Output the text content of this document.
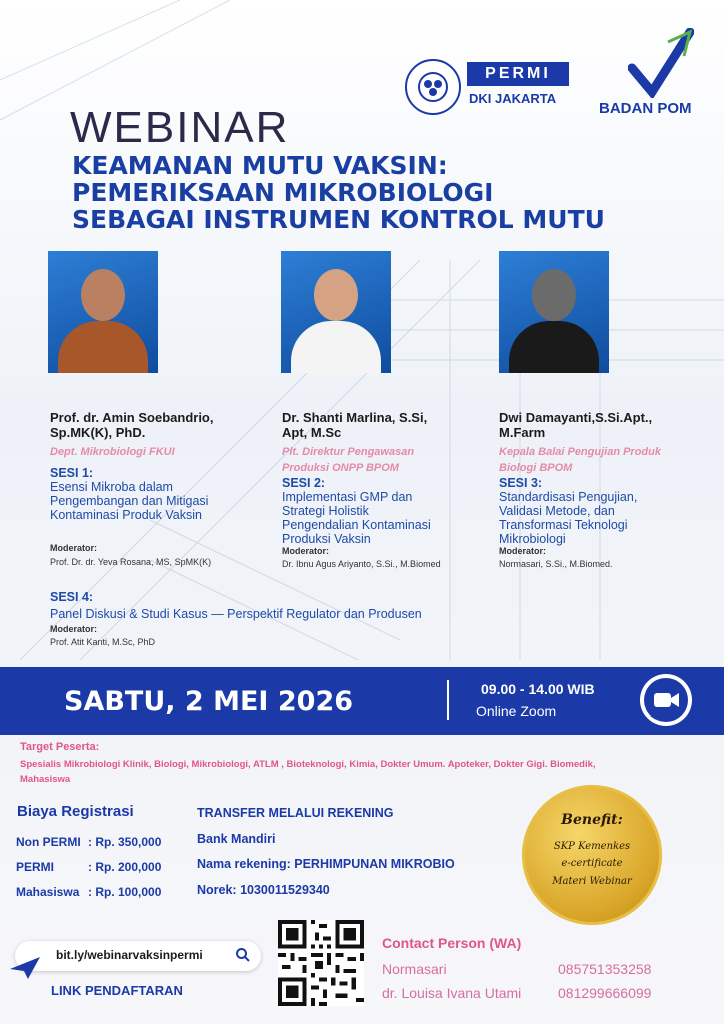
PERMI
DKI JAKARTA
BADAN POM
WEBINAR
KEAMANAN MUTU VAKSIN:
PEMERIKSAAN MIKROBIOLOGI
SEBAGAI INSTRUMEN KONTROL MUTU
Prof. dr. Amin Soebandrio,
Sp.MK(K), PhD.
Dept. Mikrobiologi FKUI
SESI 1:
Esensi Mikroba dalam
Pengembangan dan Mitigasi
Kontaminasi Produk Vaksin
Moderator:
Prof. Dr. dr. Yeva Rosana, MS, SpMK(K)
Dr. Shanti Marlina, S.Si,
Apt, M.Sc
Plt. Direktur Pengawasan
Produksi ONPP BPOM
SESI 2:
Implementasi GMP dan
Strategi Holistik
Pengendalian Kontaminasi
Produksi Vaksin
Moderator:
Dr. Ibnu Agus Ariyanto, S.Si., M.Biomed
Dwi Damayanti,S.Si.Apt.,
M.Farm
Kepala Balai Pengujian Produk
Biologi BPOM
SESI 3:
Standardisasi Pengujian,
Validasi Metode, dan
Transformasi Teknologi
Mikrobiologi
Moderator:
Normasari, S.Si., M.Biomed.
SESI 4:
Panel Diskusi & Studi Kasus — Perspektif Regulator dan Produsen
Moderator:
Prof. Atit Kanti, M.Sc, PhD
SABTU, 2 MEI 2026	09.00 - 14.00 WIB
Online Zoom
Target Peserta:
Spesialis Mikrobiologi Klinik, Biologi, Mikrobiologi, ATLM , Bioteknologi, Kimia, Dokter Umum. Apoteker, Dokter Gigi. Biomedik,
Mahasiswa
Biaya Registrasi
Non PERMI : Rp. 350,000
PERMI	: Rp. 200,000
Mahasiswa : Rp. 100,000
TRANSFER MELALUI REKENING
Bank Mandiri
Nama rekening: PERHIMPUNAN MIKROBIO
Norek: 1030011529340
Benefit:
SKP Kemenkes
e-certificate
Materi Webinar
bit.ly/webinarvaksinpermi
LINK PENDAFTARAN
Contact Person (WA)
Normasari	085751353258
dr. Louisa Ivana Utami	081299666099
